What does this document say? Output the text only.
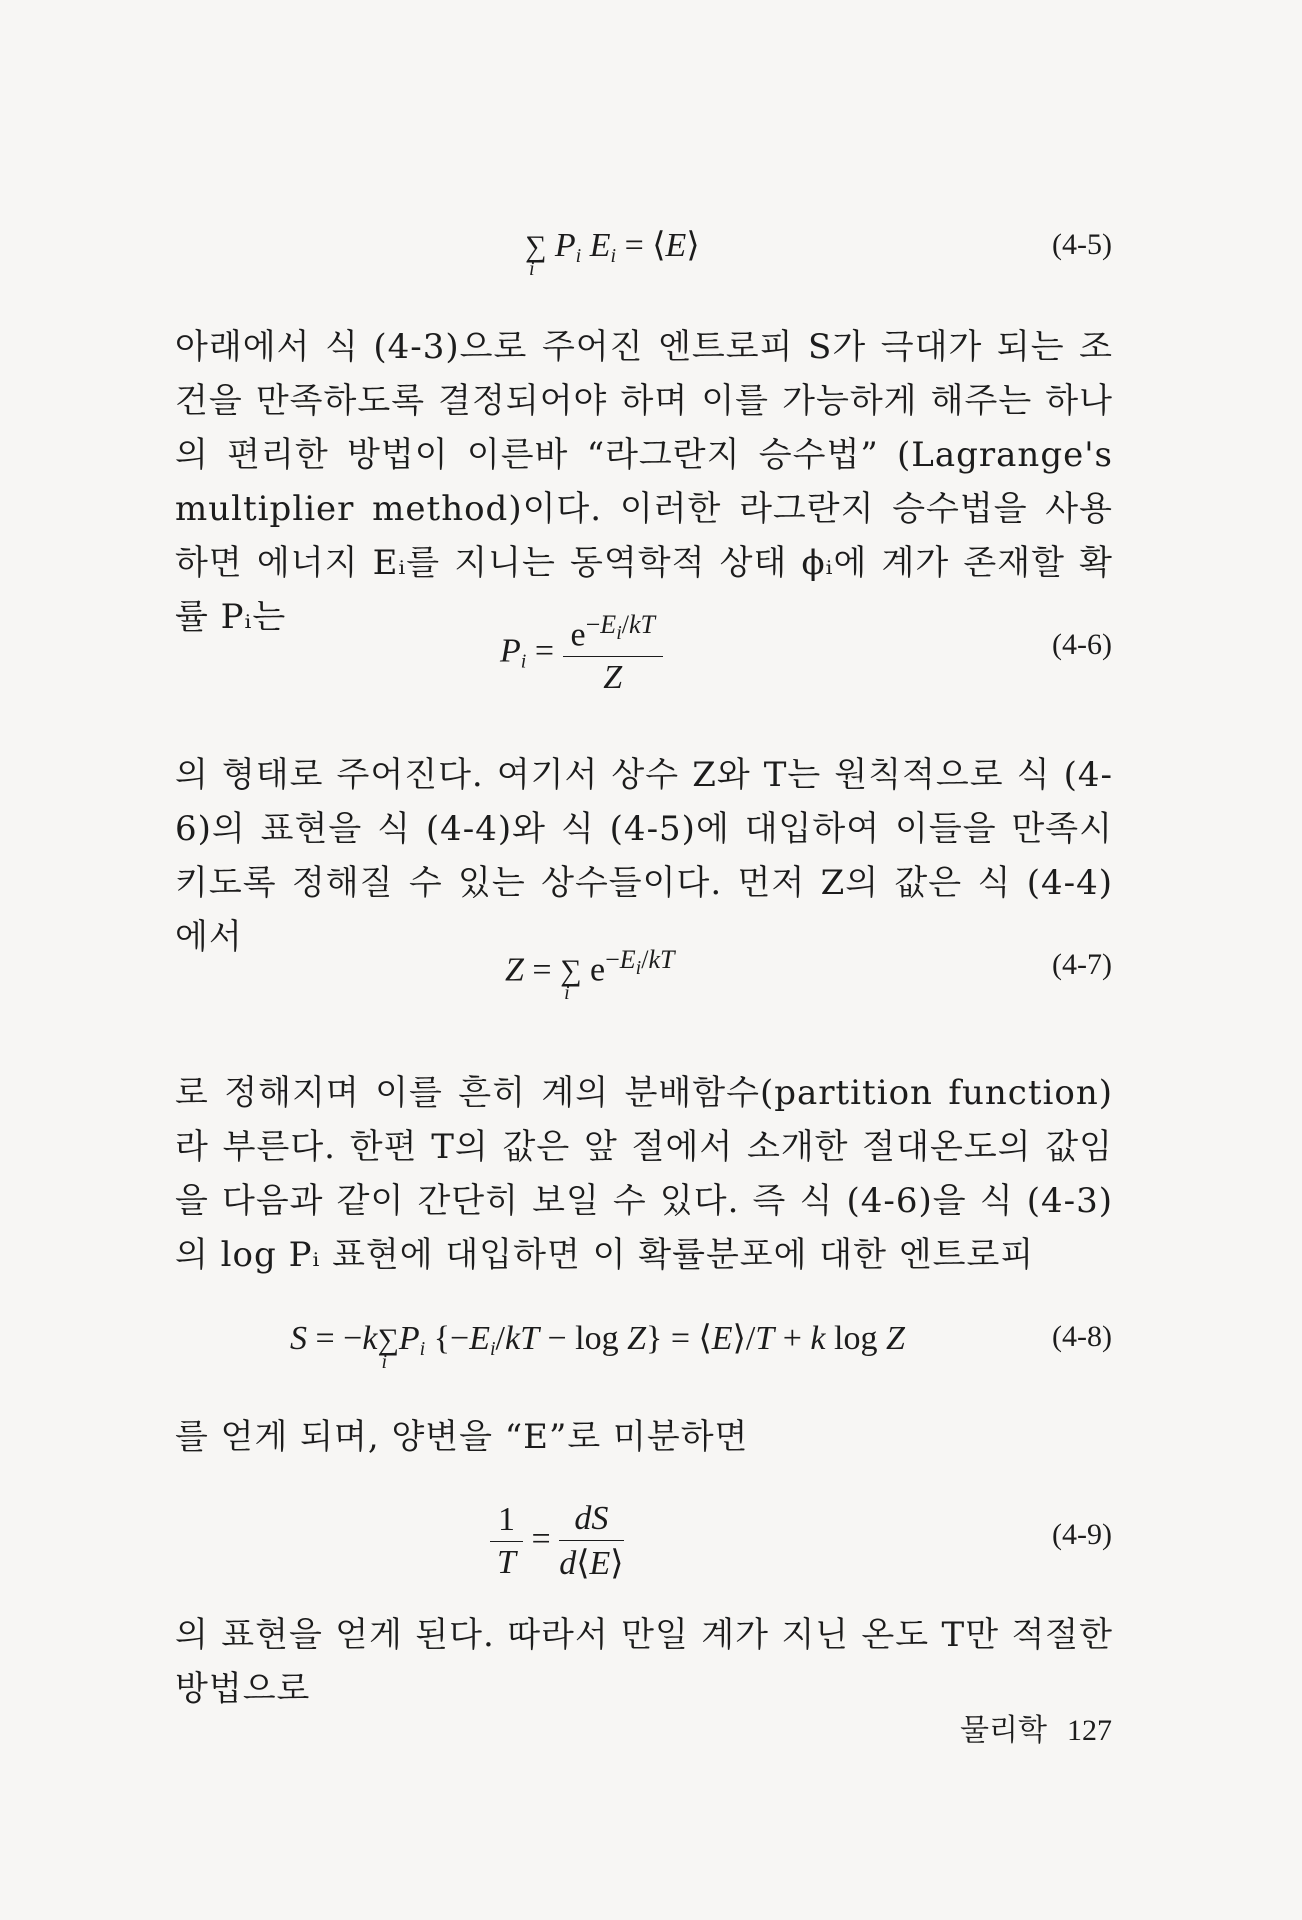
∑
i
$P_i$ $E_i$ = ⟨E⟩	(4-5)

아래에서 식 (4-3)으로 주어진 엔트로피 S가 극대가 되는 조건을 만족하도록 결정되어야 하며 이를 가능하게 해주는 하나의 편리한 방법이 이른바 “라그란지 승수법” (Lagrange's multiplier method)이다. 이러한 라그란지 승수법을 사용하면 에너지 Eᵢ를 지니는 동역학적 상태 ϕᵢ에 계가 존재할 확률 Pᵢ는

$P_i = \frac{e^{-E_i/kT}}{Z}$	(4-6)

의 형태로 주어진다. 여기서 상수 Z와 T는 원칙적으로 식 (4-6)의 표현을 식 (4-4)와 식 (4-5)에 대입하여 이들을 만족시키도록 정해질 수 있는 상수들이다. 먼저 Z의 값은 식 (4-4)에서

Z = ∑
i
$e^{-E_i/kT}$	(4-7)

로 정해지며 이를 흔히 계의 분배함수(partition function)라 부른다. 한편 T의 값은 앞 절에서 소개한 절대온도의 값임을 다음과 같이 간단히 보일 수 있다. 즉 식 (4-6)을 식 (4-3)의 log Pᵢ 표현에 대입하면 이 확률분포에 대한 엔트로피

S = −k∑
i
$P_i$ $\{-E_i/kT - \log Z\}$ = ⟨E⟩/T + k log Z	(4-8)

를 얻게 되며, 양변을 “E”로 미분하면

$\frac{1}{T} = \frac{dS}{d⟨E⟩}$	(4-9)

의 표현을 얻게 된다. 따라서 만일 계가 지닌 온도 T만 적절한 방법으로

물리학 127
